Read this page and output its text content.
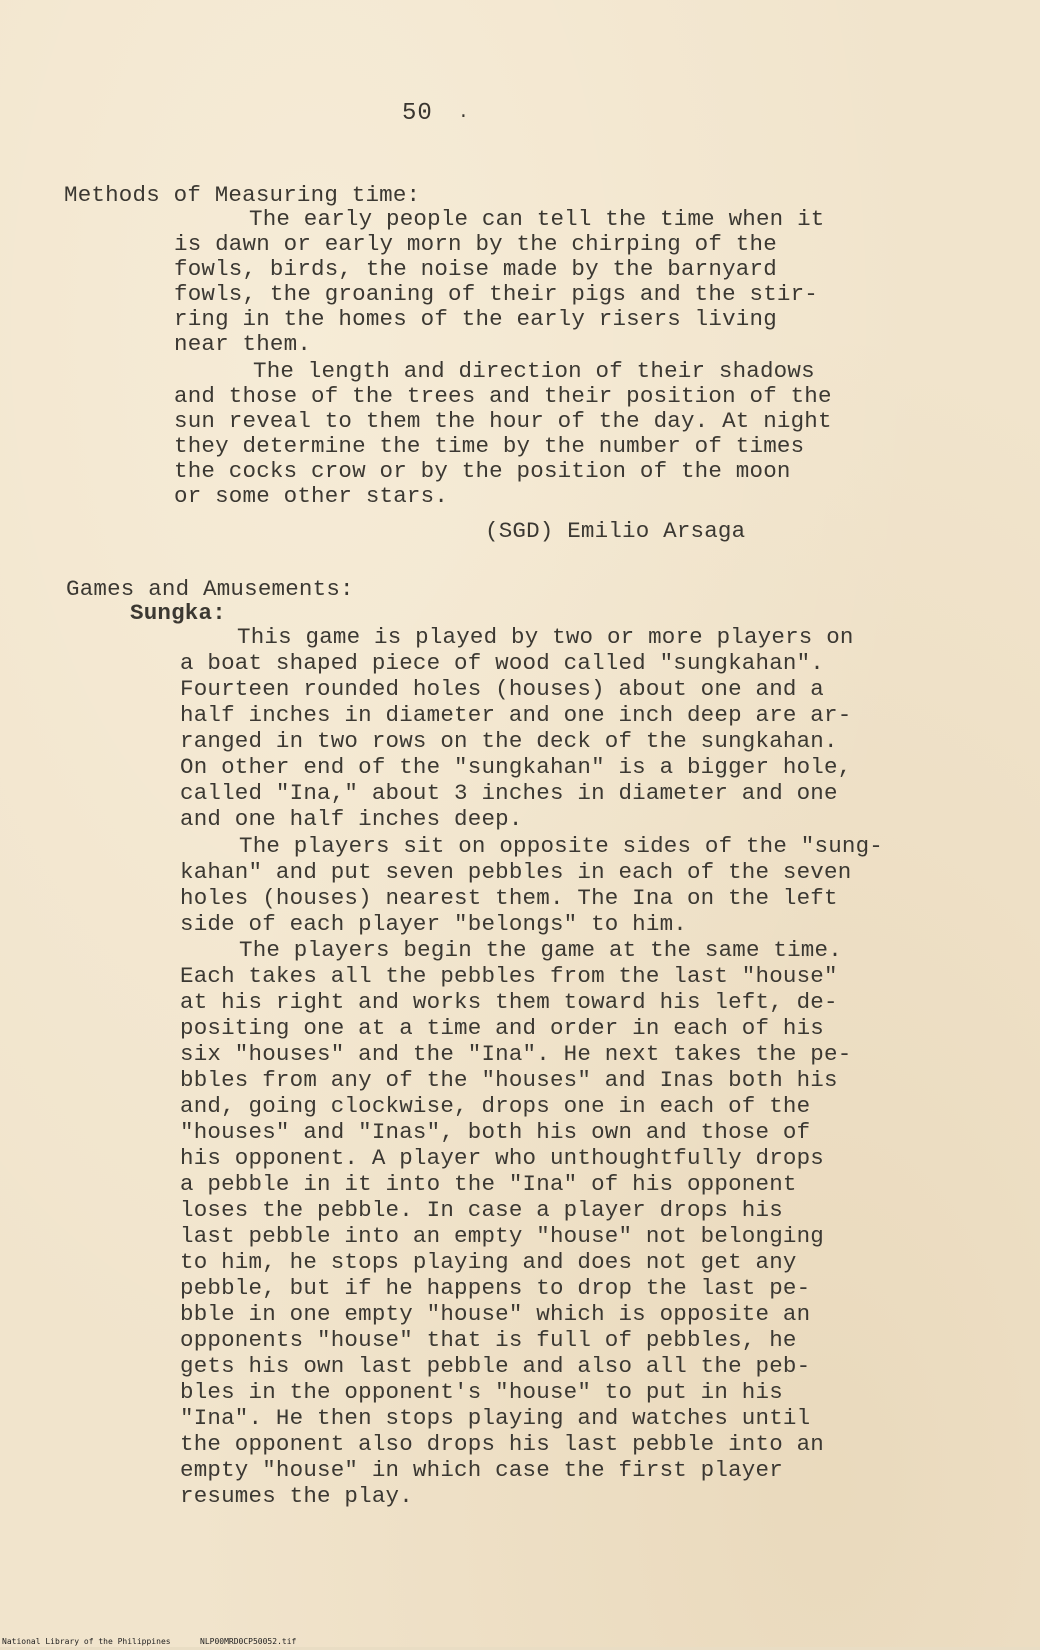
50 ·
Methods of Measuring time:
The early people can tell the time when it
is dawn or early morn by the chirping of the
fowls, birds, the noise made by the barnyard
fowls, the groaning of their pigs and the stir-
ring in the homes of the early risers living
near them.
The length and direction of their shadows
and those of the trees and their position of the
sun reveal to them the hour of the day. At night
they determine the time by the number of times
the cocks crow or by the position of the moon
or some other stars.
(SGD) Emilio Arsaga
Games and Amusements:
Sungka:
This game is played by two or more players on
a boat shaped piece of wood called "sungkahan".
Fourteen rounded holes (houses) about one and a
half inches in diameter and one inch deep are ar-
ranged in two rows on the deck of the sungkahan.
On other end of the "sungkahan" is a bigger hole,
called "Ina," about 3 inches in diameter and one
and one half inches deep.
The players sit on opposite sides of the "sung-
kahan" and put seven pebbles in each of the seven
holes (houses) nearest them. The Ina on the left
side of each player "belongs" to him.
The players begin the game at the same time.
Each takes all the pebbles from the last "house"
at his right and works them toward his left, de-
positing one at a time and order in each of his
six "houses" and the "Ina". He next takes the pe-
bbles from any of the "houses" and Inas both his
and, going clockwise, drops one in each of the
"houses" and "Inas", both his own and those of
his opponent. A player who unthoughtfully drops
a pebble in it into the "Ina" of his opponent
loses the pebble. In case a player drops his
last pebble into an empty "house" not belonging
to him, he stops playing and does not get any
pebble, but if he happens to drop the last pe-
bble in one empty "house" which is opposite an
opponents "house" that is full of pebbles, he
gets his own last pebble and also all the peb-
bles in the opponent's "house" to put in his
"Ina". He then stops playing and watches until
the opponent also drops his last pebble into an
empty "house" in which case the first player
resumes the play.
National Library of the Philippines	NLP00MRD0CP50052.tif
